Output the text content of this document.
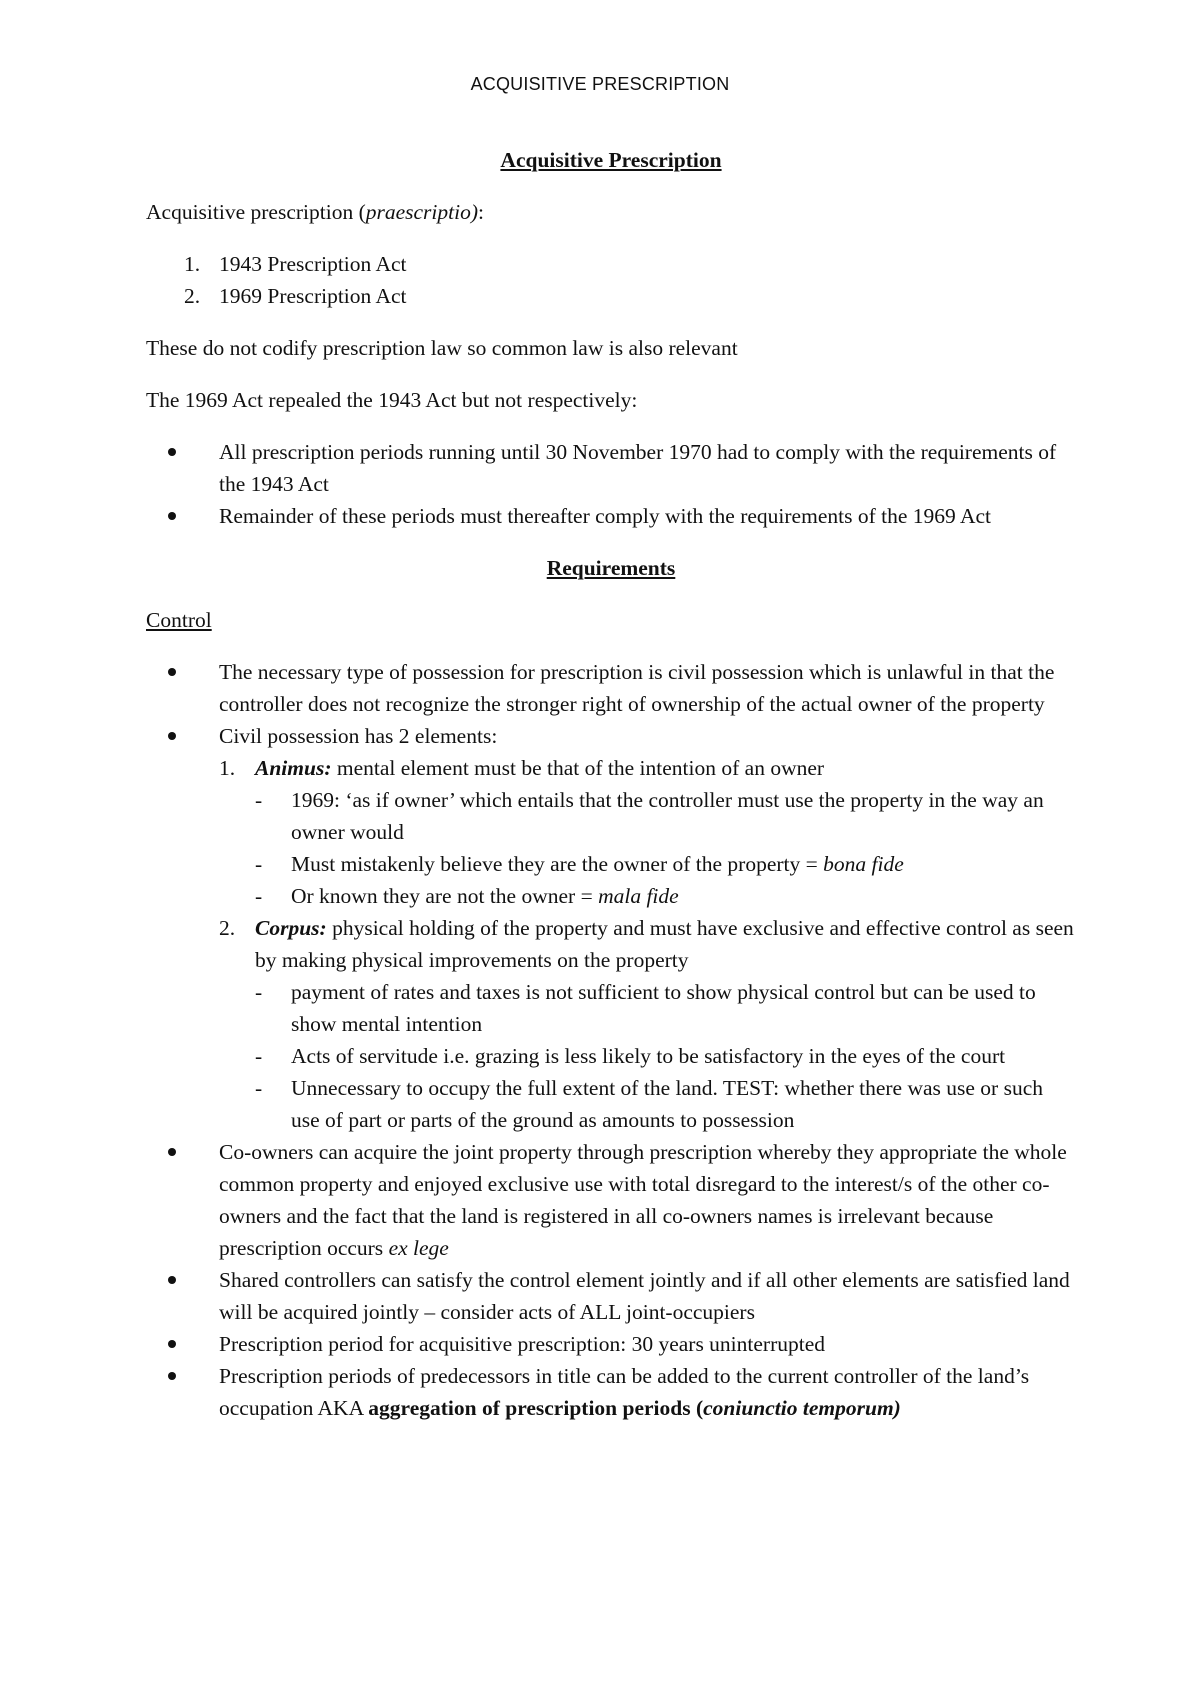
ACQUISITIVE PRESCRIPTION

Acquisitive Prescription

Acquisitive prescription (praescriptio):

1. 1943 Prescription Act
2. 1969 Prescription Act

These do not codify prescription law so common law is also relevant

The 1969 Act repealed the 1943 Act but not respectively:

All prescription periods running until 30 November 1970 had to comply with the requirements of the 1943 Act
Remainder of these periods must thereafter comply with the requirements of the 1969 Act

Requirements

Control

The necessary type of possession for prescription is civil possession which is unlawful in that the controller does not recognize the stronger right of ownership of the actual owner of the property
Civil possession has 2 elements:
1. Animus: mental element must be that of the intention of an owner
- 1969: ‘as if owner’ which entails that the controller must use the property in the way an owner would
- Must mistakenly believe they are the owner of the property = bona fide
- Or known they are not the owner = mala fide
2. Corpus: physical holding of the property and must have exclusive and effective control as seen by making physical improvements on the property
- payment of rates and taxes is not sufficient to show physical control but can be used to show mental intention
- Acts of servitude i.e. grazing is less likely to be satisfactory in the eyes of the court
- Unnecessary to occupy the full extent of the land. TEST: whether there was use or such use of part or parts of the ground as amounts to possession
Co-owners can acquire the joint property through prescription whereby they appropriate the whole common property and enjoyed exclusive use with total disregard to the interest/s of the other co-owners and the fact that the land is registered in all co-owners names is irrelevant because prescription occurs ex lege
Shared controllers can satisfy the control element jointly and if all other elements are satisfied land will be acquired jointly – consider acts of ALL joint-occupiers
Prescription period for acquisitive prescription: 30 years uninterrupted
Prescription periods of predecessors in title can be added to the current controller of the land’s occupation AKA aggregation of prescription periods (coniunctio temporum)
